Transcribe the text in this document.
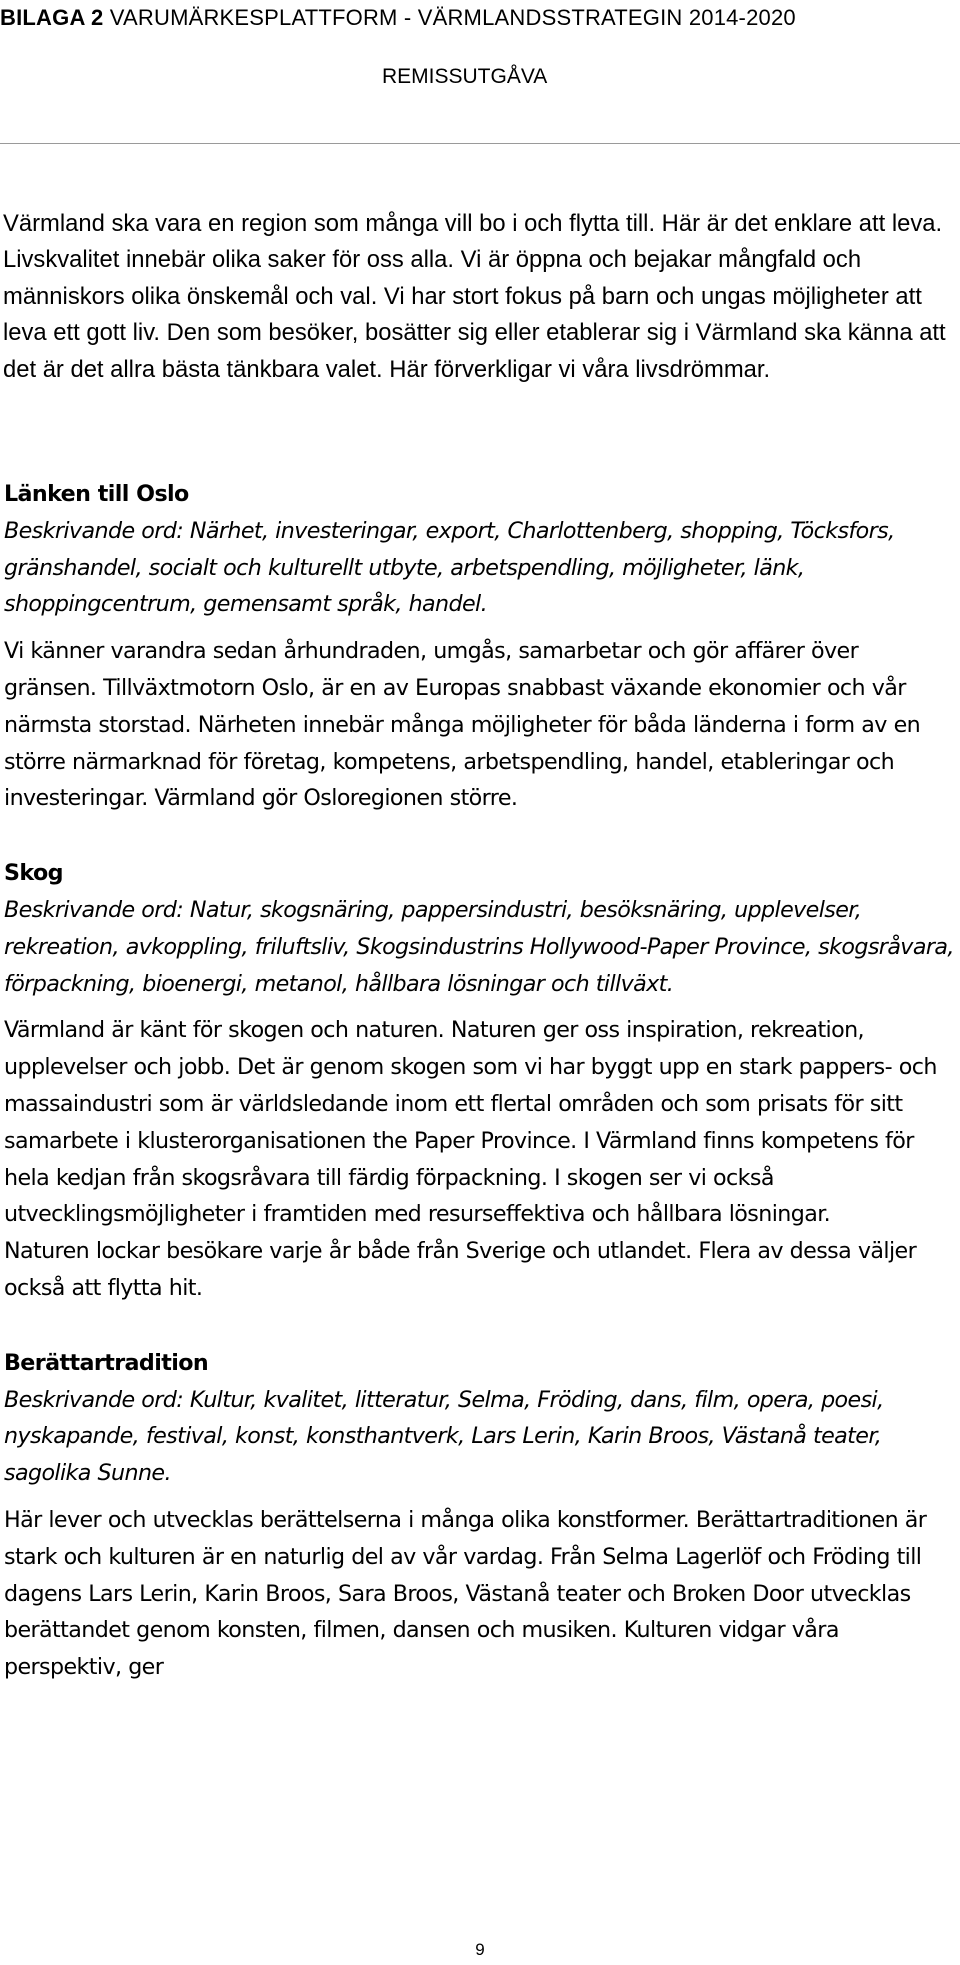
BILAGA 2 VARUMÄRKESPLATTFORM - VÄRMLANDSSTRATEGIN 2014-2020
REMISSUTGÅVA

Värmland ska vara en region som många vill bo i och flytta till. Här är det enklare att leva. Livskvalitet innebär olika saker för oss alla. Vi är öppna och bejakar mångfald och människors olika önskemål och val. Vi har stort fokus på barn och ungas möjligheter att leva ett gott liv. Den som besöker, bosätter sig eller etablerar sig i Värmland ska känna att det är det allra bästa tänkbara valet. Här förverkligar vi våra livsdrömmar.

Länken till Oslo

Beskrivande ord: Närhet, investeringar, export, Charlottenberg, shopping, Töcksfors, gränshandel, socialt och kulturellt utbyte, arbetspendling, möjligheter, länk, shoppingcentrum, gemensamt språk, handel.

Vi känner varandra sedan århundraden, umgås, samarbetar och gör affärer över gränsen. Tillväxtmotorn Oslo, är en av Europas snabbast växande ekonomier och vår närmsta storstad. Närheten innebär många möjligheter för båda länderna i form av en större närmarknad för företag, kompetens, arbetspendling, handel, etableringar och investeringar. Värmland gör Osloregionen större.

Skog

Beskrivande ord: Natur, skogsnäring, pappersindustri, besöksnäring, upplevelser, rekreation, avkoppling, friluftsliv, Skogsindustrins Hollywood-Paper Province, skogsråvara, förpackning, bioenergi, metanol, hållbara lösningar och tillväxt.

Värmland är känt för skogen och naturen. Naturen ger oss inspiration, rekreation, upplevelser och jobb. Det är genom skogen som vi har byggt upp en stark pappers- och massaindustri som är världsledande inom ett flertal områden och som prisats för sitt samarbete i klusterorganisationen the Paper Province. I Värmland finns kompetens för hela kedjan från skogsråvara till färdig förpackning. I skogen ser vi också utvecklingsmöjligheter i framtiden med resurseffektiva och hållbara lösningar.

Naturen lockar besökare varje år både från Sverige och utlandet. Flera av dessa väljer också att flytta hit.

Berättartradition

Beskrivande ord: Kultur, kvalitet, litteratur, Selma, Fröding, dans, film, opera, poesi, nyskapande, festival, konst, konsthantverk, Lars Lerin, Karin Broos, Västanå teater, sagolika Sunne.

Här lever och utvecklas berättelserna i många olika konstformer. Berättartraditionen är stark och kulturen är en naturlig del av vår vardag. Från Selma Lagerlöf och Fröding till dagens Lars Lerin, Karin Broos, Sara Broos, Västanå teater och Broken Door utvecklas berättandet genom konsten, filmen, dansen och musiken. Kulturen vidgar våra perspektiv, ger

9
